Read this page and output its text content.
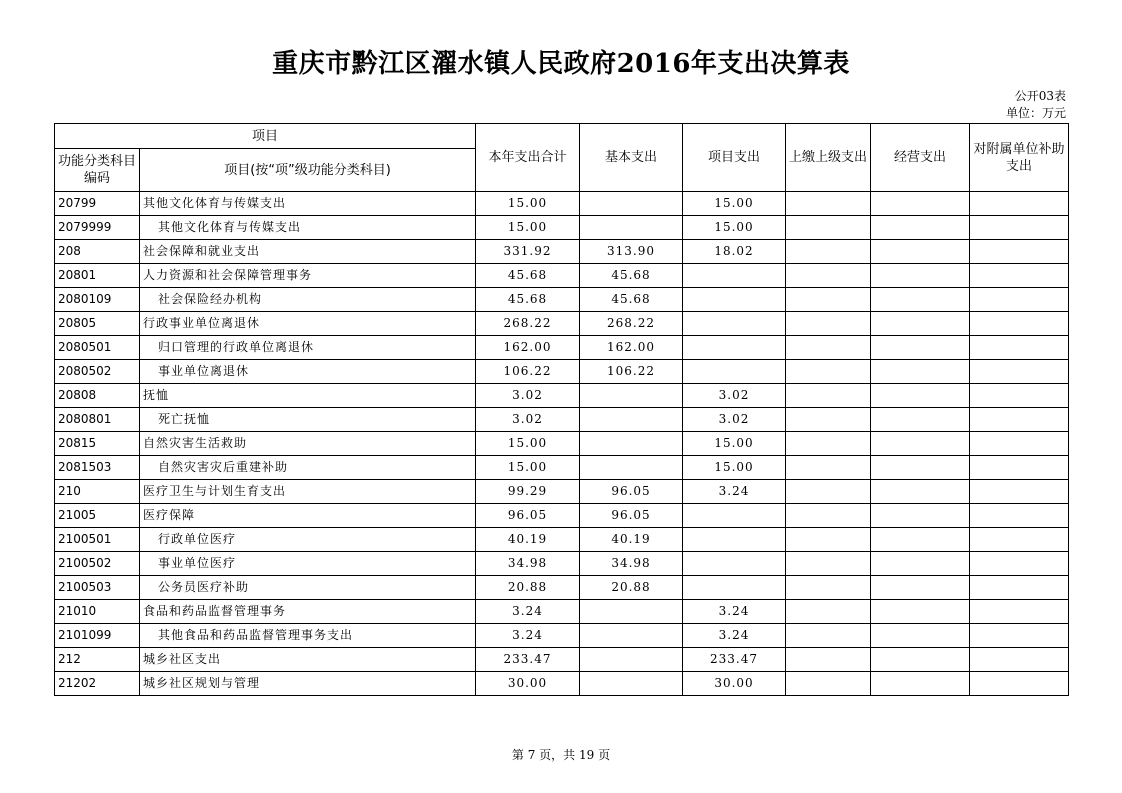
重庆市黔江区濯水镇人民政府2016年支出决算表
公开03表
单位：万元
项目		本年支出合计	基本支出	项目支出	上缴上级支出	经营支出	对附属单位补助支出
功能分类科目编码	项目(按“项”级功能分类科目)						
20799	其他文化体育与传媒支出	15.00		15.00			
2079999	其他文化体育与传媒支出	15.00		15.00			
208	社会保障和就业支出	331.92	313.90	18.02			
20801	人力资源和社会保障管理事务	45.68	45.68				
2080109	社会保险经办机构	45.68	45.68				
20805	行政事业单位离退休	268.22	268.22				
2080501	归口管理的行政单位离退休	162.00	162.00				
2080502	事业单位离退休	106.22	106.22				
20808	抚恤	3.02		3.02			
2080801	死亡抚恤	3.02		3.02			
20815	自然灾害生活救助	15.00		15.00			
2081503	自然灾害灾后重建补助	15.00		15.00			
210	医疗卫生与计划生育支出	99.29	96.05	3.24			
21005	医疗保障	96.05	96.05				
2100501	行政单位医疗	40.19	40.19				
2100502	事业单位医疗	34.98	34.98				
2100503	公务员医疗补助	20.88	20.88				
21010	食品和药品监督管理事务	3.24		3.24			
2101099	其他食品和药品监督管理事务支出	3.24		3.24			
212	城乡社区支出	233.47		233.47			
21202	城乡社区规划与管理	30.00		30.00			
第 7 页，共 19 页
